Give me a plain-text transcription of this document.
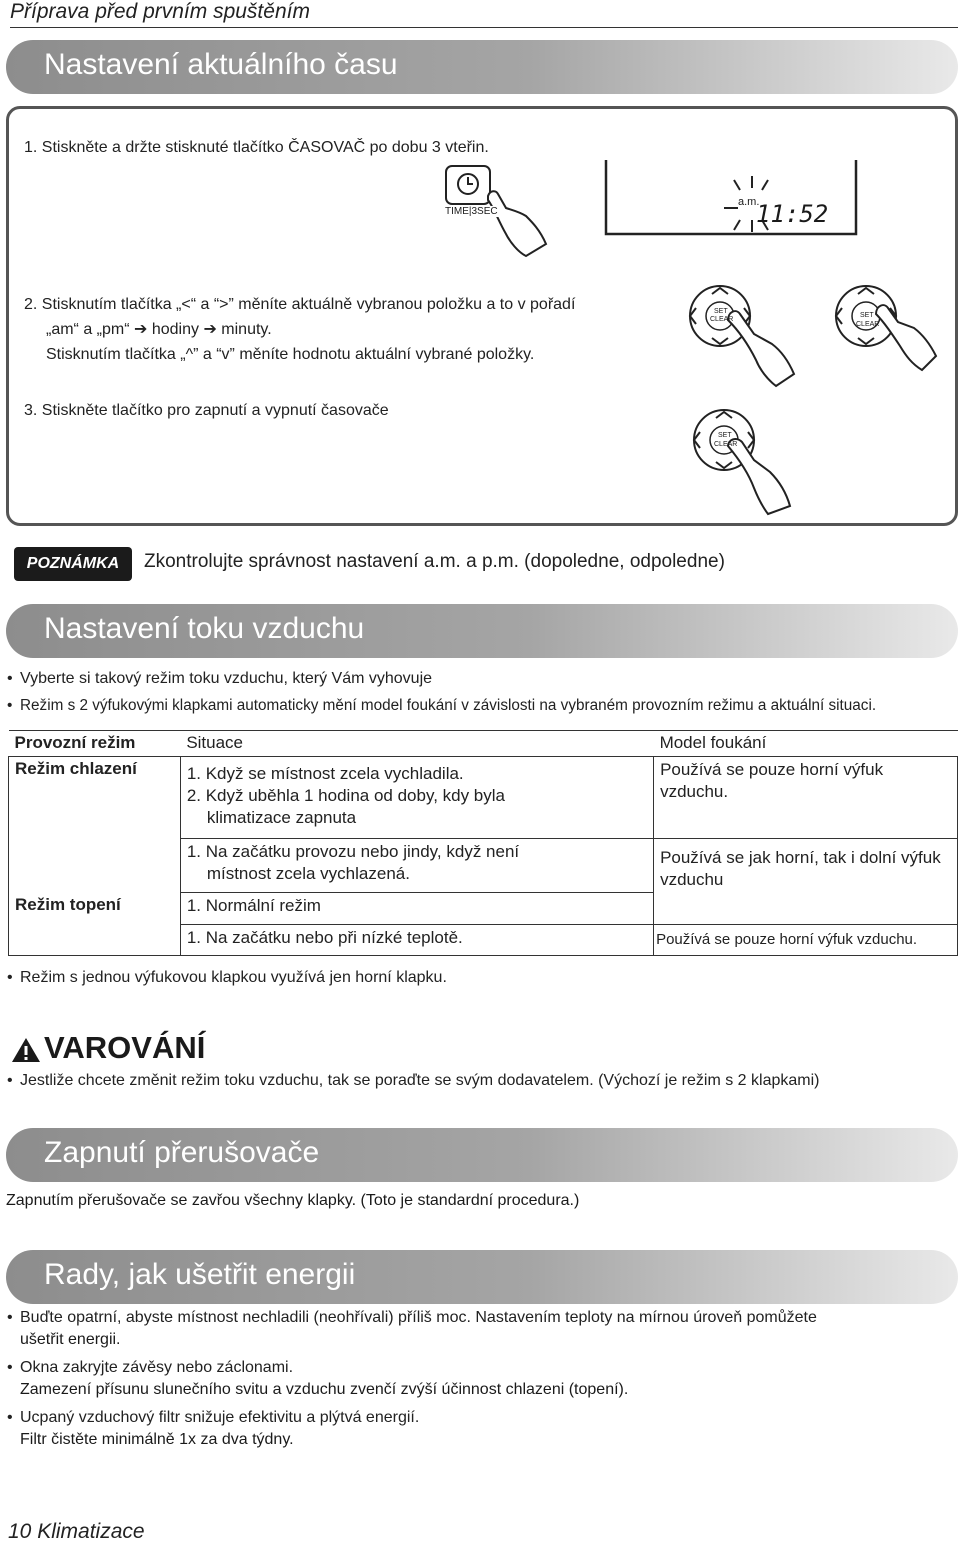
Příprava před prvním spuštěním
Nastavení aktuálního času
1. Stiskněte a držte stisknuté tlačítko ČASOVAČ po dobu 3 vteřin.
TIME|3SEC
a.m.
11:52
2. Stisknutím tlačítka „<“ a “>” měníte aktuálně vybranou položku a to v pořadí
„am“ a „pm“ ➔ hodiny ➔ minuty.
Stisknutím tlačítka „^” a “v” měníte hodnotu aktuální vybrané položky.
SET
CLEAR
SET
CLEAR
3. Stiskněte tlačítko pro zapnutí a vypnutí časovače
SET
CLEAR
POZNÁMKA	Zkontrolujte správnost nastavení a.m. a p.m. (dopoledne, odpoledne)
Nastavení toku vzduchu
• Vyberte si takový režim toku vzduchu, který Vám vyhovuje
• Režim s 2 výfukovými klapkami automaticky mění model foukání v závislosti na vybraném provozním režimu a aktuální situaci.
Provozní režim	Situace	Model foukání
Režim chlazení	1. Když se místnost zcela vychladila.
2. Když uběhla 1 hodina od doby, kdy byla
klimatizace zapnuta	Používá se pouze horní výfuk vzduchu.

	1. Na začátku provozu nebo jindy, když není
místnost zcela vychlazená.	Používá se jak horní, tak i dolní výfuk vzduchu
Režim topení	1. Normální režim	
	1. Na začátku nebo při nízké teplotě.	Používá se pouze horní výfuk vzduchu.
• Režim s jednou výfukovou klapkou využívá jen horní klapku.
VAROVÁNÍ
• Jestliže chcete změnit režim toku vzduchu, tak se poraďte se svým dodavatelem. (Výchozí je režim s 2 klapkami)
Zapnutí přerušovače
Zapnutím přerušovače se zavřou všechny klapky. (Toto je standardní procedura.)
Rady, jak ušetřit energii
• Buďte opatrní, abyste místnost nechladili (neohřívali) příliš moc. Nastavením teploty na mírnou úroveň pomůžete
ušetřit energii.
• Okna zakryjte závěsy nebo záclonami.
Zamezení přísunu slunečního svitu a vzduchu zvenčí zvýší účinnost chlazeni (topení).
• Ucpaný vzduchový filtr snižuje efektivitu a plýtvá energií.
Filtr čistěte minimálně 1x za dva týdny.
10 Klimatizace
